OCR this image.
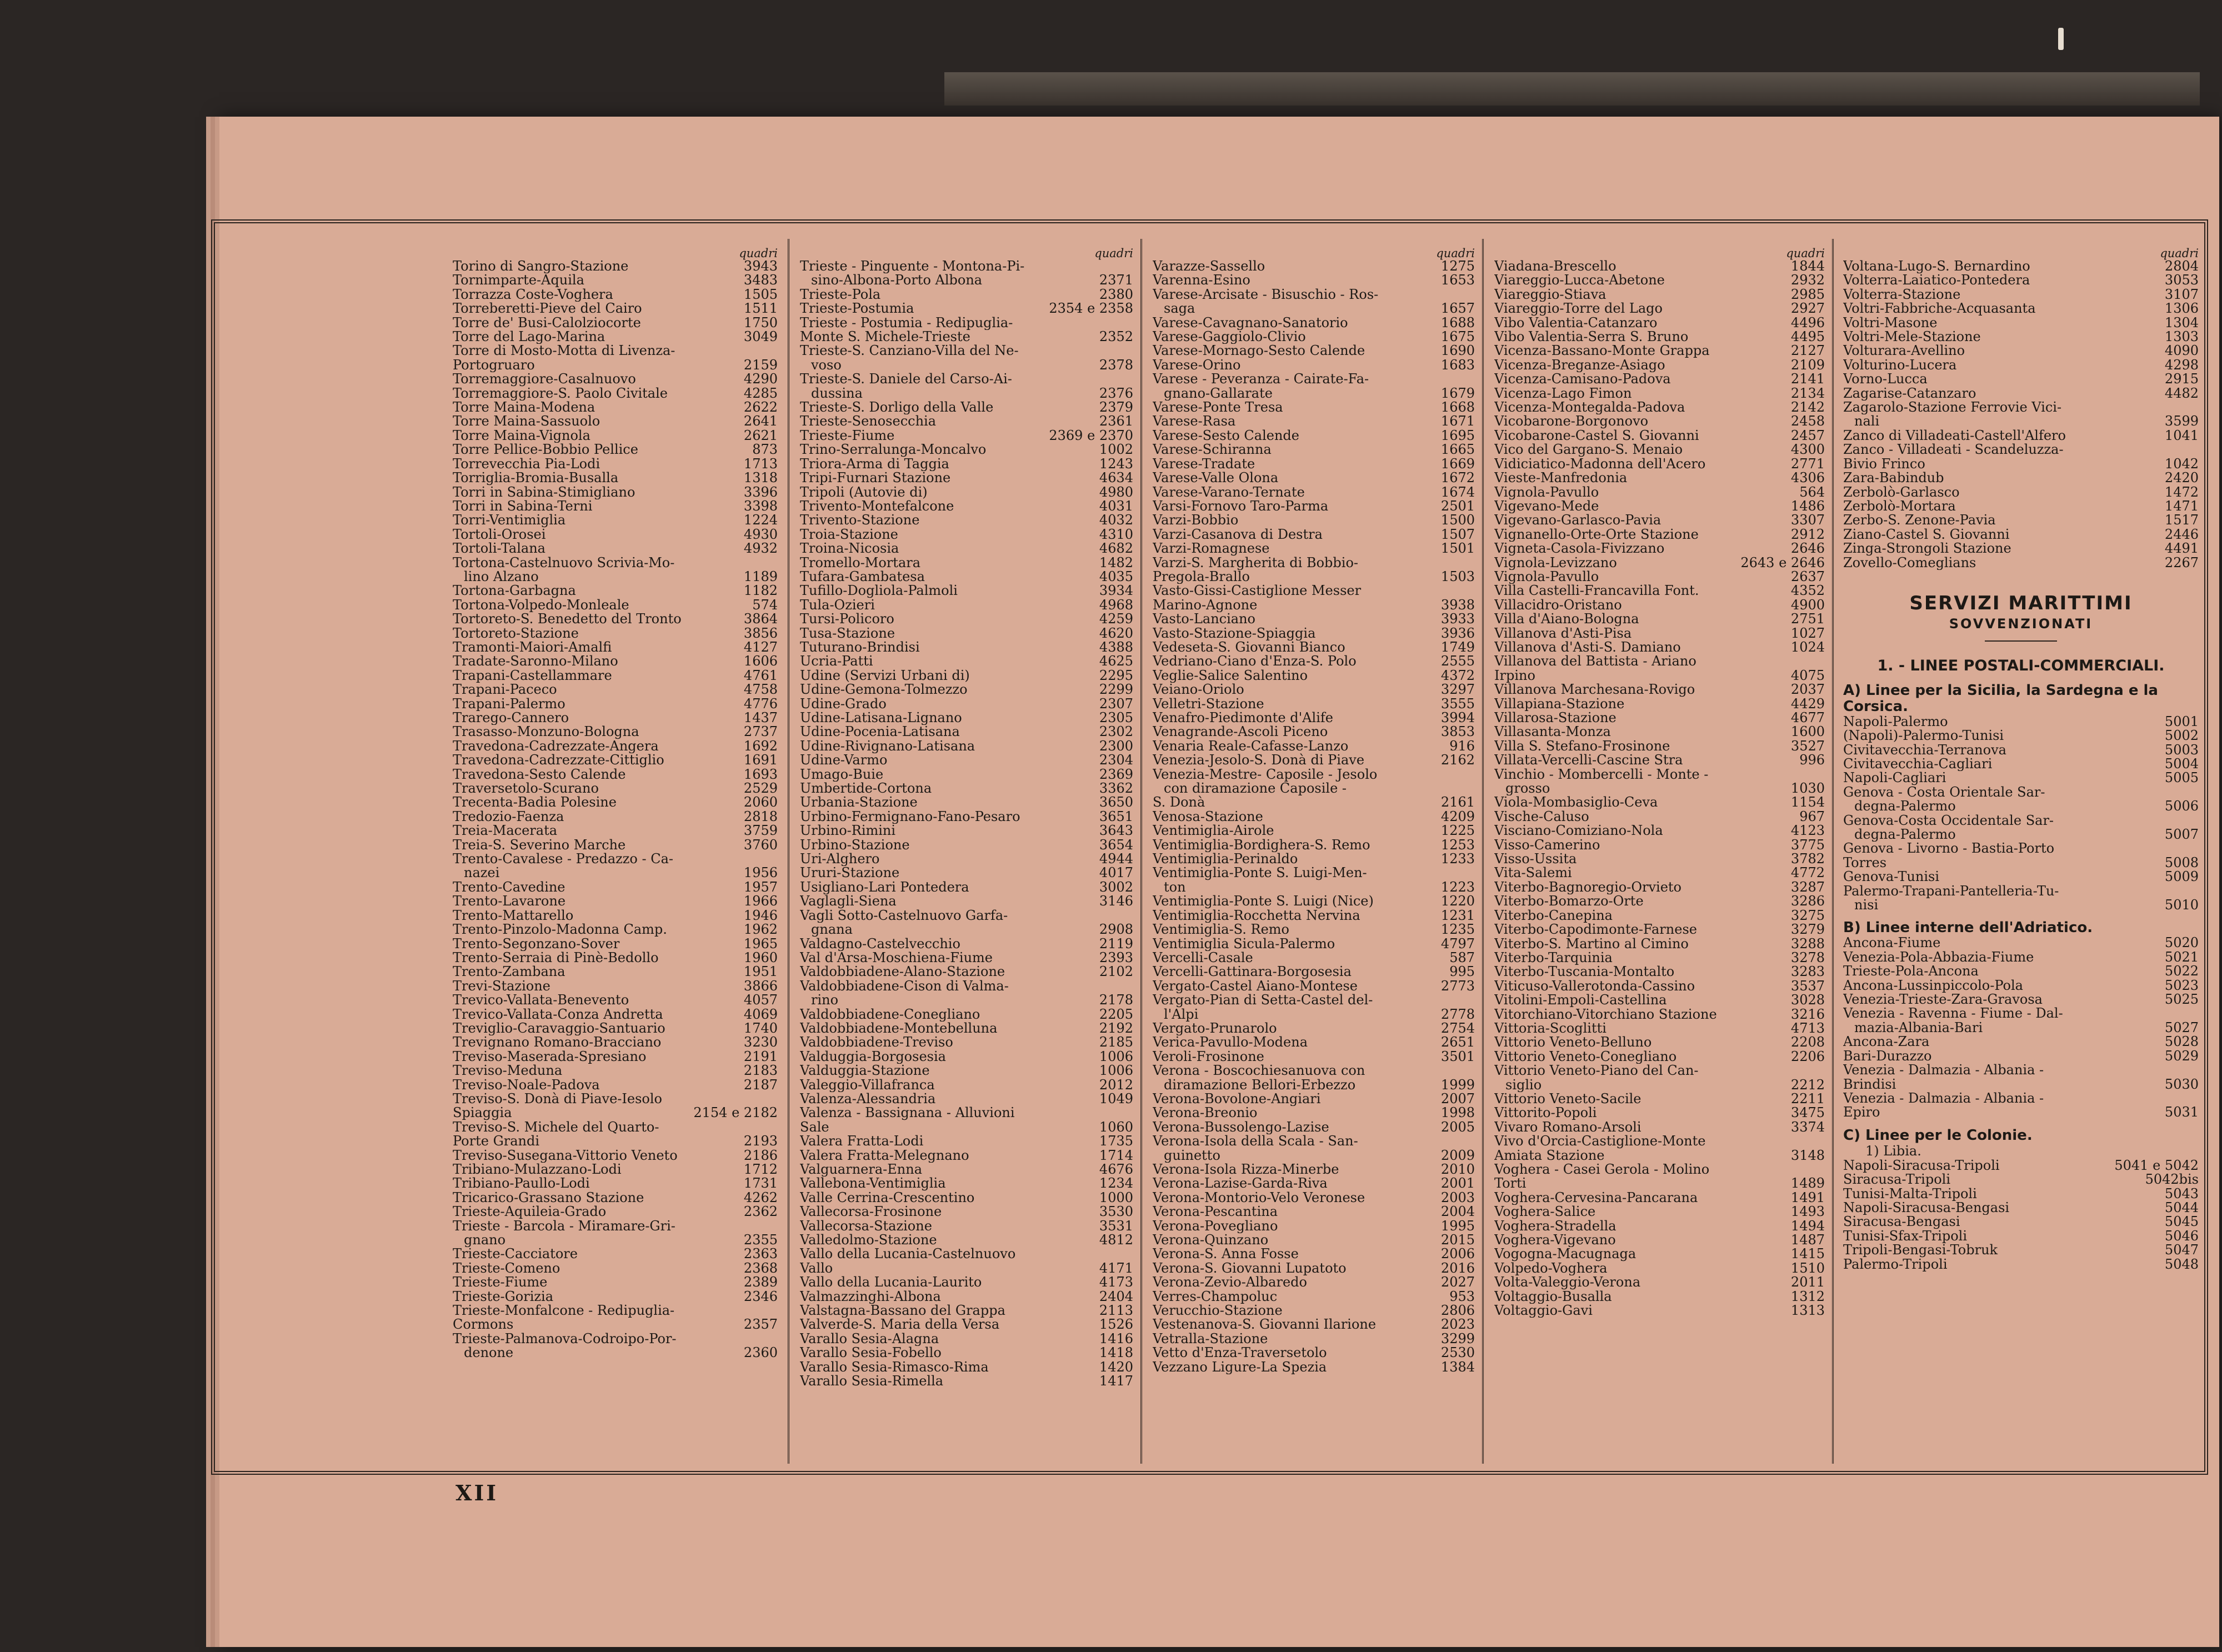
quadri
Torino di Sangro-Stazione	3943
Tornimparte-Aquila	3483
Torrazza Coste-Voghera	1505
Torreberetti-Pieve del Cairo	1511
Torre de' Busi-Calolziocorte	1750
Torre del Lago-Marina	3049
Torre di Mosto-Motta di Livenza-
Portogruaro	2159
Torremaggiore-Casalnuovo	4290
Torremaggiore-S. Paolo Civitale	4285
Torre Maina-Modena	2622
Torre Maina-Sassuolo	2641
Torre Maina-Vignola	2621
Torre Pellice-Bobbio Pellice	873
Torrevecchia Pia-Lodi	1713
Torriglia-Bromia-Busalla	1318
Torri in Sabina-Stimigliano	3396
Torri in Sabina-Terni	3398
Torri-Ventimiglia	1224
Tortoli-Orosei	4930
Tortoli-Talana	4932
Tortona-Castelnuovo Scrivia-Mo-
lino Alzano	1189
Tortona-Garbagna	1182
Tortona-Volpedo-Monleale	574
Tortoreto-S. Benedetto del Tronto	3864
Tortoreto-Stazione	3856
Tramonti-Maiori-Amalfi	4127
Tradate-Saronno-Milano	1606
Trapani-Castellammare	4761
Trapani-Paceco	4758
Trapani-Palermo	4776
Trarego-Cannero	1437
Trasasso-Monzuno-Bologna	2737
Travedona-Cadrezzate-Angera	1692
Travedona-Cadrezzate-Cittiglio	1691
Travedona-Sesto Calende	1693
Traversetolo-Scurano	2529
Trecenta-Badia Polesine	2060
Tredozio-Faenza	2818
Treia-Macerata	3759
Treia-S. Severino Marche	3760
Trento-Cavalese - Predazzo - Ca-
nazei	1956
Trento-Cavedine	1957
Trento-Lavarone	1966
Trento-Mattarello	1946
Trento-Pinzolo-Madonna Camp.	1962
Trento-Segonzano-Sover	1965
Trento-Serraia di Pinè-Bedollo	1960
Trento-Zambana	1951
Trevi-Stazione	3866
Trevico-Vallata-Benevento	4057
Trevico-Vallata-Conza Andretta	4069
Treviglio-Caravaggio-Santuario	1740
Trevignano Romano-Bracciano	3230
Treviso-Maserada-Spresiano	2191
Treviso-Meduna	2183
Treviso-Noale-Padova	2187
Treviso-S. Donà di Piave-Iesolo
Spiaggia	2154 e 2182
Treviso-S. Michele del Quarto-
Porte Grandi	2193
Treviso-Susegana-Vittorio Veneto	2186
Tribiano-Mulazzano-Lodi	1712
Tribiano-Paullo-Lodi	1731
Tricarico-Grassano Stazione	4262
Trieste-Aquileia-Grado	2362
Trieste - Barcola - Miramare-Gri-
gnano	2355
Trieste-Cacciatore	2363
Trieste-Comeno	2368
Trieste-Fiume	2389
Trieste-Gorizia	2346
Trieste-Monfalcone - Redipuglia-
Cormons	2357
Trieste-Palmanova-Codroipo-Por-
denone	2360
quadri
Trieste - Pinguente - Montona-Pi-
sino-Albona-Porto Albona	2371
Trieste-Pola	2380
Trieste-Postumia	2354 e 2358
Trieste - Postumia - Redipuglia-
Monte S. Michele-Trieste	2352
Trieste-S. Canziano-Villa del Ne-
voso	2378
Trieste-S. Daniele del Carso-Ai-
dussina	2376
Trieste-S. Dorligo della Valle	2379
Trieste-Senosecchia	2361
Trieste-Fiume	2369 e 2370
Trino-Serralunga-Moncalvo	1002
Triora-Arma di Taggia	1243
Tripi-Furnari Stazione	4634
Tripoli (Autovie di)	4980
Trivento-Montefalcone	4031
Trivento-Stazione	4032
Troia-Stazione	4310
Troina-Nicosia	4682
Tromello-Mortara	1482
Tufara-Gambatesa	4035
Tufillo-Dogliola-Palmoli	3934
Tula-Ozieri	4968
Tursi-Policoro	4259
Tusa-Stazione	4620
Tuturano-Brindisi	4388
Ucria-Patti	4625
Udine (Servizi Urbani di)	2295
Udine-Gemona-Tolmezzo	2299
Udine-Grado	2307
Udine-Latisana-Lignano	2305
Udine-Pocenia-Latisana	2302
Udine-Rivignano-Latisana	2300
Udine-Varmo	2304
Umago-Buie	2369
Umbertide-Cortona	3362
Urbania-Stazione	3650
Urbino-Fermignano-Fano-Pesaro	3651
Urbino-Rimini	3643
Urbino-Stazione	3654
Uri-Alghero	4944
Ururi-Stazione	4017
Usigliano-Lari Pontedera	3002
Vaglagli-Siena	3146
Vagli Sotto-Castelnuovo Garfa-
gnana	2908
Valdagno-Castelvecchio	2119
Val d'Arsa-Moschiena-Fiume	2393
Valdobbiadene-Alano-Stazione	2102
Valdobbiadene-Cison di Valma-
rino	2178
Valdobbiadene-Conegliano	2205
Valdobbiadene-Montebelluna	2192
Valdobbiadene-Treviso	2185
Valduggia-Borgosesia	1006
Valduggia-Stazione	1006
Valeggio-Villafranca	2012
Valenza-Alessandria	1049
Valenza - Bassignana - Alluvioni
Sale	1060
Valera Fratta-Lodi	1735
Valera Fratta-Melegnano	1714
Valguarnera-Enna	4676
Vallebona-Ventimiglia	1234
Valle Cerrina-Crescentino	1000
Vallecorsa-Frosinone	3530
Vallecorsa-Stazione	3531
Valledolmo-Stazione	4812
Vallo della Lucania-Castelnuovo
Vallo	4171
Vallo della Lucania-Laurito	4173
Valmazzinghi-Albona	2404
Valstagna-Bassano del Grappa	2113
Valverde-S. Maria della Versa	1526
Varallo Sesia-Alagna	1416
Varallo Sesia-Fobello	1418
Varallo Sesia-Rimasco-Rima	1420
Varallo Sesia-Rimella	1417
quadri
Varazze-Sassello	1275
Varenna-Esino	1653
Varese-Arcisate - Bisuschio - Ros-
saga	1657
Varese-Cavagnano-Sanatorio	1688
Varese-Gaggiolo-Clivio	1675
Varese-Mornago-Sesto Calende	1690
Varese-Orino	1683
Varese - Peveranza - Cairate-Fa-
gnano-Gallarate	1679
Varese-Ponte Tresa	1668
Varese-Rasa	1671
Varese-Sesto Calende	1695
Varese-Schiranna	1665
Varese-Tradate	1669
Varese-Valle Olona	1672
Varese-Varano-Ternate	1674
Varsi-Fornovo Taro-Parma	2501
Varzi-Bobbio	1500
Varzi-Casanova di Destra	1507
Varzi-Romagnese	1501
Varzi-S. Margherita di Bobbio-
Pregola-Brallo	1503
Vasto-Gissi-Castiglione Messer
Marino-Agnone	3938
Vasto-Lanciano	3933
Vasto-Stazione-Spiaggia	3936
Vedeseta-S. Giovanni Bianco	1749
Vedriano-Ciano d'Enza-S. Polo	2555
Veglie-Salice Salentino	4372
Veiano-Oriolo	3297
Velletri-Stazione	3555
Venafro-Piedimonte d'Alife	3994
Venagrande-Ascoli Piceno	3853
Venaria Reale-Cafasse-Lanzo	916
Venezia-Jesolo-S. Donà di Piave	2162
Venezia-Mestre- Caposile - Jesolo
con diramazione Caposile -
S. Donà	2161
Venosa-Stazione	4209
Ventimiglia-Airole	1225
Ventimiglia-Bordighera-S. Remo	1253
Ventimiglia-Perinaldo	1233
Ventimiglia-Ponte S. Luigi-Men-
ton	1223
Ventimiglia-Ponte S. Luigi (Nice)	1220
Ventimiglia-Rocchetta Nervina	1231
Ventimiglia-S. Remo	1235
Ventimiglia Sicula-Palermo	4797
Vercelli-Casale	587
Vercelli-Gattinara-Borgosesia	995
Vergato-Castel Aiano-Montese	2773
Vergato-Pian di Setta-Castel del-
l'Alpi	2778
Vergato-Prunarolo	2754
Verica-Pavullo-Modena	2651
Veroli-Frosinone	3501
Verona - Boscochiesanuova con
diramazione Bellori-Erbezzo	1999
Verona-Bovolone-Angiari	2007
Verona-Breonio	1998
Verona-Bussolengo-Lazise	2005
Verona-Isola della Scala - San-
guinetto	2009
Verona-Isola Rizza-Minerbe	2010
Verona-Lazise-Garda-Riva	2001
Verona-Montorio-Velo Veronese	2003
Verona-Pescantina	2004
Verona-Povegliano	1995
Verona-Quinzano	2015
Verona-S. Anna Fosse	2006
Verona-S. Giovanni Lupatoto	2016
Verona-Zevio-Albaredo	2027
Verres-Champoluc	953
Verucchio-Stazione	2806
Vestenanova-S. Giovanni Ilarione	2023
Vetralla-Stazione	3299
Vetto d'Enza-Traversetolo	2530
Vezzano Ligure-La Spezia	1384
quadri
Viadana-Brescello	1844
Viareggio-Lucca-Abetone	2932
Viareggio-Stiava	2985
Viareggio-Torre del Lago	2927
Vibo Valentia-Catanzaro	4496
Vibo Valentia-Serra S. Bruno	4495
Vicenza-Bassano-Monte Grappa	2127
Vicenza-Breganze-Asiago	2109
Vicenza-Camisano-Padova	2141
Vicenza-Lago Fimon	2134
Vicenza-Montegalda-Padova	2142
Vicobarone-Borgonovo	2458
Vicobarone-Castel S. Giovanni	2457
Vico del Gargano-S. Menaio	4300
Vidiciatico-Madonna dell'Acero	2771
Vieste-Manfredonia	4306
Vignola-Pavullo	564
Vigevano-Mede	1486
Vigevano-Garlasco-Pavia	3307
Vignanello-Orte-Orte Stazione	2912
Vigneta-Casola-Fivizzano	2646
Vignola-Levizzano	2643 e 2646
Vignola-Pavullo	2637
Villa Castelli-Francavilla Font.	4352
Villacidro-Oristano	4900
Villa d'Aiano-Bologna	2751
Villanova d'Asti-Pisa	1027
Villanova d'Asti-S. Damiano	1024
Villanova del Battista - Ariano
Irpino	4075
Villanova Marchesana-Rovigo	2037
Villapiana-Stazione	4429
Villarosa-Stazione	4677
Villasanta-Monza	1600
Villa S. Stefano-Frosinone	3527
Villata-Vercelli-Cascine Stra	996
Vinchio - Mombercelli - Monte -
grosso	1030
Viola-Mombasiglio-Ceva	1154
Vische-Caluso	967
Visciano-Comiziano-Nola	4123
Visso-Camerino	3775
Visso-Ussita	3782
Vita-Salemi	4772
Viterbo-Bagnoregio-Orvieto	3287
Viterbo-Bomarzo-Orte	3286
Viterbo-Canepina	3275
Viterbo-Capodimonte-Farnese	3279
Viterbo-S. Martino al Cimino	3288
Viterbo-Tarquinia	3278
Viterbo-Tuscania-Montalto	3283
Viticuso-Vallerotonda-Cassino	3537
Vitolini-Empoli-Castellina	3028
Vitorchiano-Vitorchiano Stazione	3216
Vittoria-Scoglitti	4713
Vittorio Veneto-Belluno	2208
Vittorio Veneto-Conegliano	2206
Vittorio Veneto-Piano del Can-
siglio	2212
Vittorio Veneto-Sacile	2211
Vittorito-Popoli	3475
Vivaro Romano-Arsoli	3374
Vivo d'Orcia-Castiglione-Monte
Amiata Stazione	3148
Voghera - Casei Gerola - Molino
Torti	1489
Voghera-Cervesina-Pancarana	1491
Voghera-Salice	1493
Voghera-Stradella	1494
Voghera-Vigevano	1487
Vogogna-Macugnaga	1415
Volpedo-Voghera	1510
Volta-Valeggio-Verona	2011
Voltaggio-Busalla	1312
Voltaggio-Gavi	1313
quadri
Voltana-Lugo-S. Bernardino	2804
Volterra-Laiatico-Pontedera	3053
Volterra-Stazione	3107
Voltri-Fabbriche-Acquasanta	1306
Voltri-Masone	1304
Voltri-Mele-Stazione	1303
Volturara-Avellino	4090
Volturino-Lucera	4298
Vorno-Lucca	2915
Zagarise-Catanzaro	4482
Zagarolo-Stazione Ferrovie Vici-
nali	3599
Zanco di Villadeati-Castell'Alfero	1041
Zanco - Villadeati - Scandeluzza-
Bivio Frinco	1042
Zara-Babindub	2420
Zerbolò-Garlasco	1472
Zerbolò-Mortara	1471
Zerbo-S. Zenone-Pavia	1517
Ziano-Castel S. Giovanni	2446
Zinga-Strongoli Stazione	4491
Zovello-Comeglians	2267
SERVIZI MARITTIMI
SOVVENZIONATI
1. - LINEE POSTALI-COMMERCIALI.
A) Linee per la Sicilia, la Sardegna e la Corsica.
Napoli-Palermo	5001
(Napoli)-Palermo-Tunisi	5002
Civitavecchia-Terranova	5003
Civitavecchia-Cagliari	5004
Napoli-Cagliari	5005
Genova - Costa Orientale Sar-
degna-Palermo	5006
Genova-Costa Occidentale Sar-
degna-Palermo	5007
Genova - Livorno - Bastia-Porto
Torres	5008
Genova-Tunisi	5009
Palermo-Trapani-Pantelleria-Tu-
nisi	5010
B) Linee interne dell'Adriatico.
Ancona-Fiume	5020
Venezia-Pola-Abbazia-Fiume	5021
Trieste-Pola-Ancona	5022
Ancona-Lussinpiccolo-Pola	5023
Venezia-Trieste-Zara-Gravosa	5025
Venezia - Ravenna - Fiume - Dal-
mazia-Albania-Bari	5027
Ancona-Zara	5028
Bari-Durazzo	5029
Venezia - Dalmazia - Albania -
Brindisi	5030
Venezia - Dalmazia - Albania -
Epiro	5031
C) Linee per le Colonie.
1) Libia.
Napoli-Siracusa-Tripoli	5041 e 5042
Siracusa-Tripoli	5042bis
Tunisi-Malta-Tripoli	5043
Napoli-Siracusa-Bengasi	5044
Siracusa-Bengasi	5045
Tunisi-Sfax-Tripoli	5046
Tripoli-Bengasi-Tobruk	5047
Palermo-Tripoli	5048
XII
